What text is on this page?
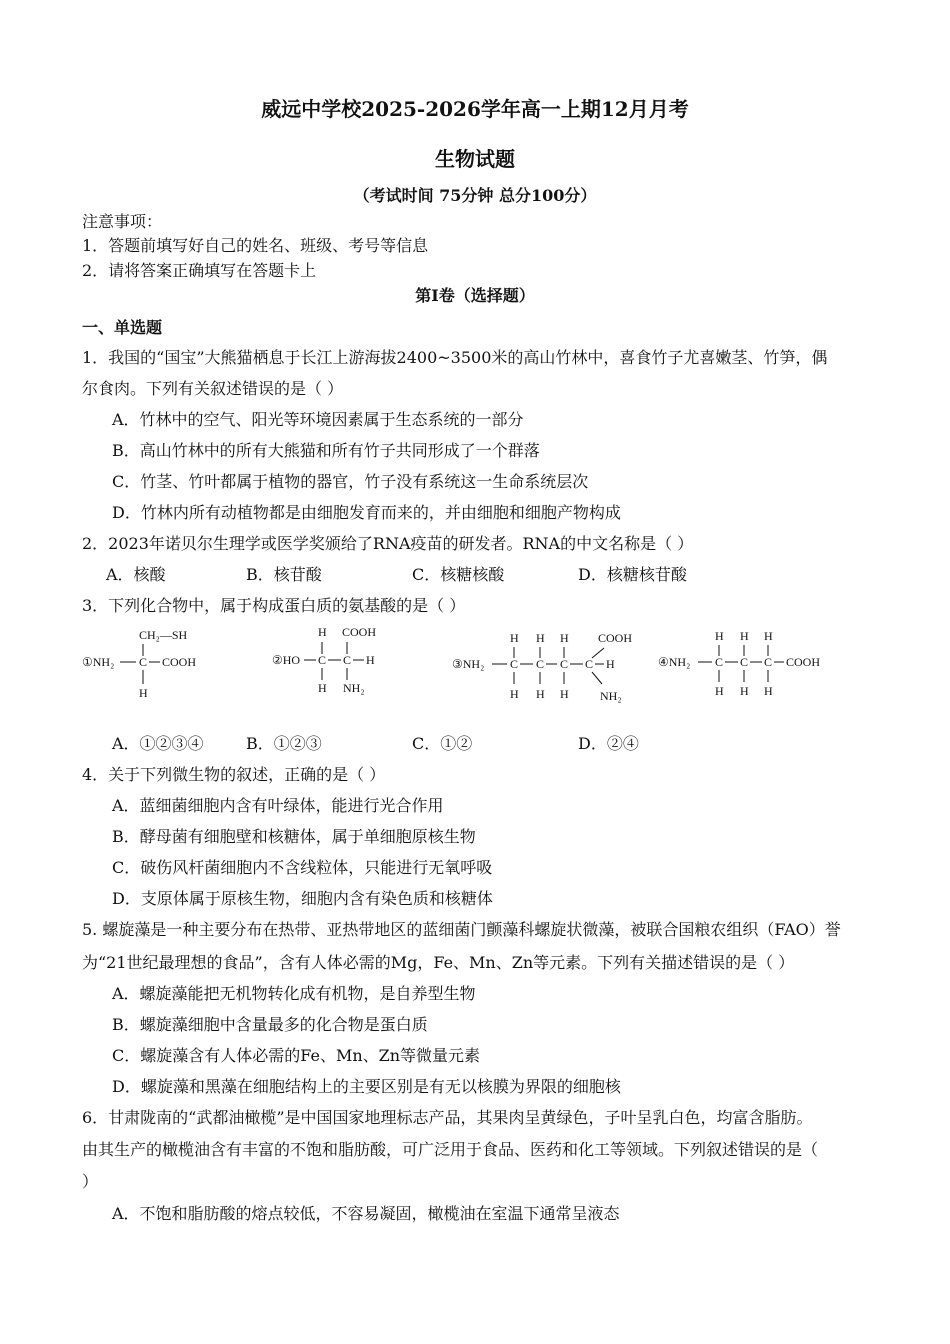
威远中学校2025-2026学年高一上期12月月考
生物试题
（考试时间 75分钟 总分100分）
注意事项：
1．答题前填写好自己的姓名、班级、考号等信息
2．请将答案正确填写在答题卡上
第Ⅰ卷（选择题）
一、单选题
1．我国的“国宝”大熊猫栖息于长江上游海拔2400~3500米的高山竹林中，喜食竹子尤喜嫩茎、竹笋，偶
尔食肉。下列有关叙述错误的是（ ）
A．竹林中的空气、阳光等环境因素属于生态系统的一部分
B．高山竹林中的所有大熊猫和所有竹子共同形成了一个群落
C．竹茎、竹叶都属于植物的器官，竹子没有系统这一生命系统层次
D．竹林内所有动植物都是由细胞发育而来的，并由细胞和细胞产物构成
2．2023年诺贝尔生理学或医学奖颁给了RNA疫苗的研发者。RNA的中文名称是（ ）
A．核酸	B．核苷酸	C．核糖核酸	D．核糖核苷酸
3．下列化合物中，属于构成蛋白质的氨基酸的是（ ）
CH₂—SH
①NH₂ C COOH
H
H COOH
②HO C C H
H NH₂
H H H COOH
③NH₂ C C C C H
H H H	NH₂
H H H
④NH₂ C C C COOH
H H H
A．①②③④	B．①②③	C．①②	D．②④
4．关于下列微生物的叙述，正确的是（ ）
A．蓝细菌细胞内含有叶绿体，能进行光合作用
B．酵母菌有细胞壁和核糖体，属于单细胞原核生物
C．破伤风杆菌细胞内不含线粒体，只能进行无氧呼吸
D．支原体属于原核生物，细胞内含有染色质和核糖体
5. 螺旋藻是一种主要分布在热带、亚热带地区的蓝细菌门颤藻科螺旋状微藻，被联合国粮农组织（FAO）誉
为“21世纪最理想的食品”，含有人体必需的Mg，Fe、Mn、Zn等元素。下列有关描述错误的是（ ）
A．螺旋藻能把无机物转化成有机物，是自养型生物
B．螺旋藻细胞中含量最多的化合物是蛋白质
C．螺旋藻含有人体必需的Fe、Mn、Zn等微量元素
D．螺旋藻和黑藻在细胞结构上的主要区别是有无以核膜为界限的细胞核
6．甘肃陇南的“武都油橄榄”是中国国家地理标志产品，其果肉呈黄绿色，子叶呈乳白色，均富含脂肪。
由其生产的橄榄油含有丰富的不饱和脂肪酸，可广泛用于食品、医药和化工等领域。下列叙述错误的是（
）
A．不饱和脂肪酸的熔点较低，不容易凝固，橄榄油在室温下通常呈液态
